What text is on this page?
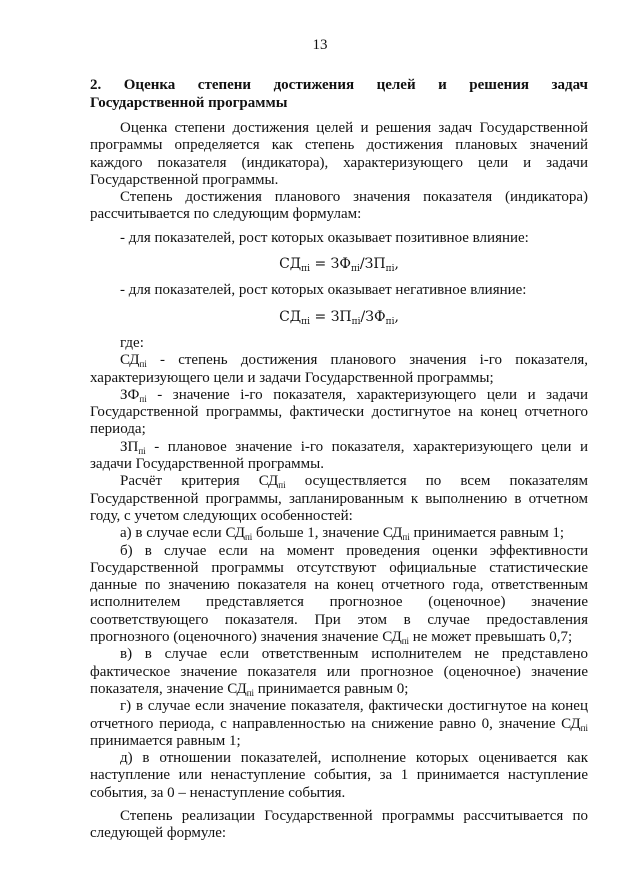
13
2. Оценка степени достижения целей и решения задач
Государственной программы

Оценка степени достижения целей и решения задач Государственной программы определяется как степень достижения плановых значений каждого показателя (индикатора), характеризующего цели и задачи Государственной программы.

Степень достижения планового значения показателя (индикатора) рассчитывается по следующим формулам:

- для показателей, рост которых оказывает позитивное влияние:

$СД_{пі} = ЗФ_{пі}/ЗП_{пі}$,

- для показателей, рост которых оказывает негативное влияние:

$СД_{пі} = ЗП_{пі}/ЗФ_{пі}$,

где:

$СД_{пі}$ - степень достижения планового значения і-го показателя, характеризующего цели и задачи Государственной программы;

$ЗФ_{пі}$ - значение і-го показателя, характеризующего цели и задачи Государственной программы, фактически достигнутое на конец отчетного периода;

$ЗП_{пі}$ - плановое значение і-го показателя, характеризующего цели и задачи Государственной программы.

Расчёт критерия $СД_{пі}$ осуществляется по всем показателям Государственной программы, запланированным к выполнению в отчетном году, с учетом следующих особенностей:

а) в случае если $СД_{пі}$ больше 1, значение $СД_{пі}$ принимается равным 1;

б) в случае если на момент проведения оценки эффективности Государственной программы отсутствуют официальные статистические данные по значению показателя на конец отчетного года, ответственным исполнителем представляется прогнозное (оценочное) значение соответствующего показателя. При этом в случае предоставления прогнозного (оценочного) значения значение $СД_{пі}$ не может превышать 0,7;

в) в случае если ответственным исполнителем не представлено фактическое значение показателя или прогнозное (оценочное) значение показателя, значение $СД_{пі}$ принимается равным 0;

г) в случае если значение показателя, фактически достигнутое на конец отчетного периода, с направленностью на снижение равно 0, значение $СД_{пі}$ принимается равным 1;

д) в отношении показателей, исполнение которых оценивается как наступление или ненаступление события, за 1 принимается наступление события, за 0 – ненаступление события.

Степень реализации Государственной программы рассчитывается по следующей формуле:
